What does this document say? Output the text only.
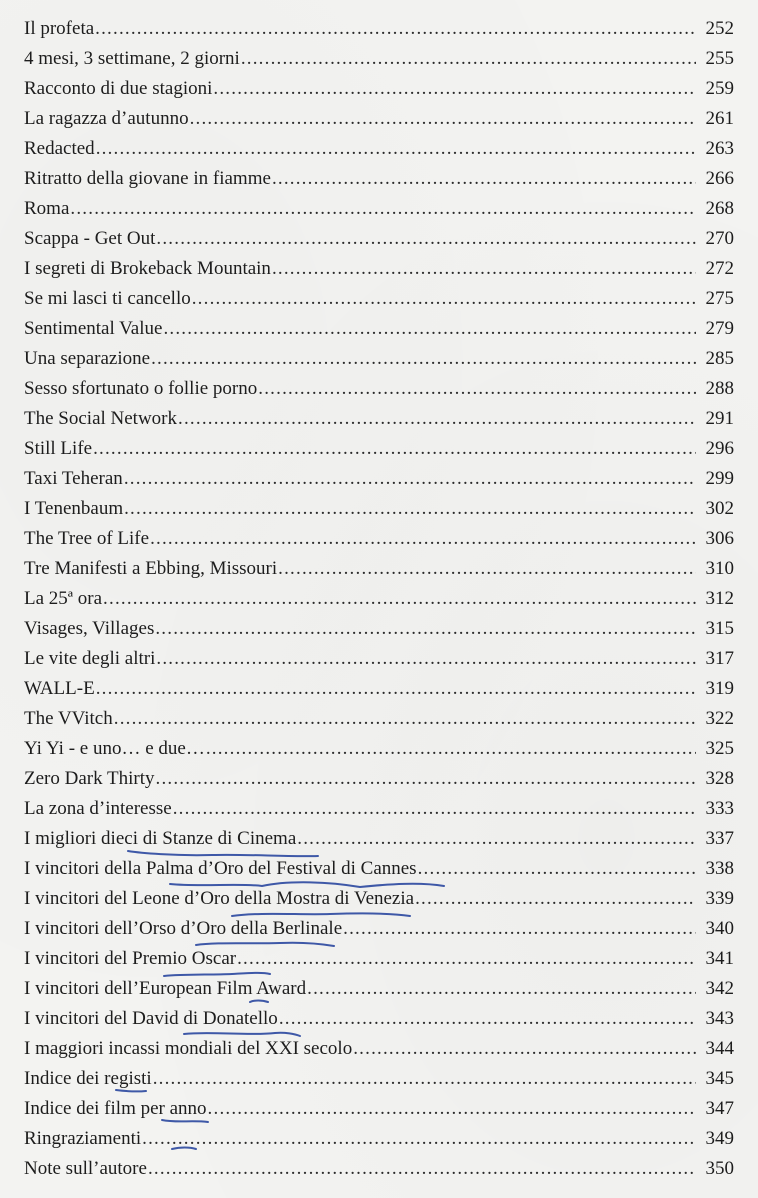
Il profeta .....	252
4 mesi, 3 settimane, 2 giorni .....	255
Racconto di due stagioni .....	259
La ragazza d’autunno .....	261
Redacted .....	263
Ritratto della giovane in fiamme .....	266
Roma .....	268
Scappa - Get Out .....	270
I segreti di Brokeback Mountain .....	272
Se mi lasci ti cancello .....	275
Sentimental Value .....	279
Una separazione .....	285
Sesso sfortunato o follie porno .....	288
The Social Network .....	291
Still Life .....	296
Taxi Teheran .....	299
I Tenenbaum .....	302
The Tree of Life .....	306
Tre Manifesti a Ebbing, Missouri .....	310
La 25ª ora .....	312
Visages, Villages .....	315
Le vite degli altri .....	317
WALL-E .....	319
The VVitch .....	322
Yi Yi - e uno… e due… .....	325
Zero Dark Thirty .....	328
La zona d’interesse .....	333
I migliori dieci di Stanze di Cinema .....	337
I vincitori della Palma d’Oro del Festival di Cannes .....	338
I vincitori del Leone d’Oro della Mostra di Venezia .....	339
I vincitori dell’Orso d’Oro della Berlinale .....	340
I vincitori del Premio Oscar .....	341
I vincitori dell’European Film Award .....	342
I vincitori del David di Donatello .....	343
I maggiori incassi mondiali del XXI secolo .....	344
Indice dei registi .....	345
Indice dei film per anno .....	347
Ringraziamenti .....	349
Note sull’autore .....	350
